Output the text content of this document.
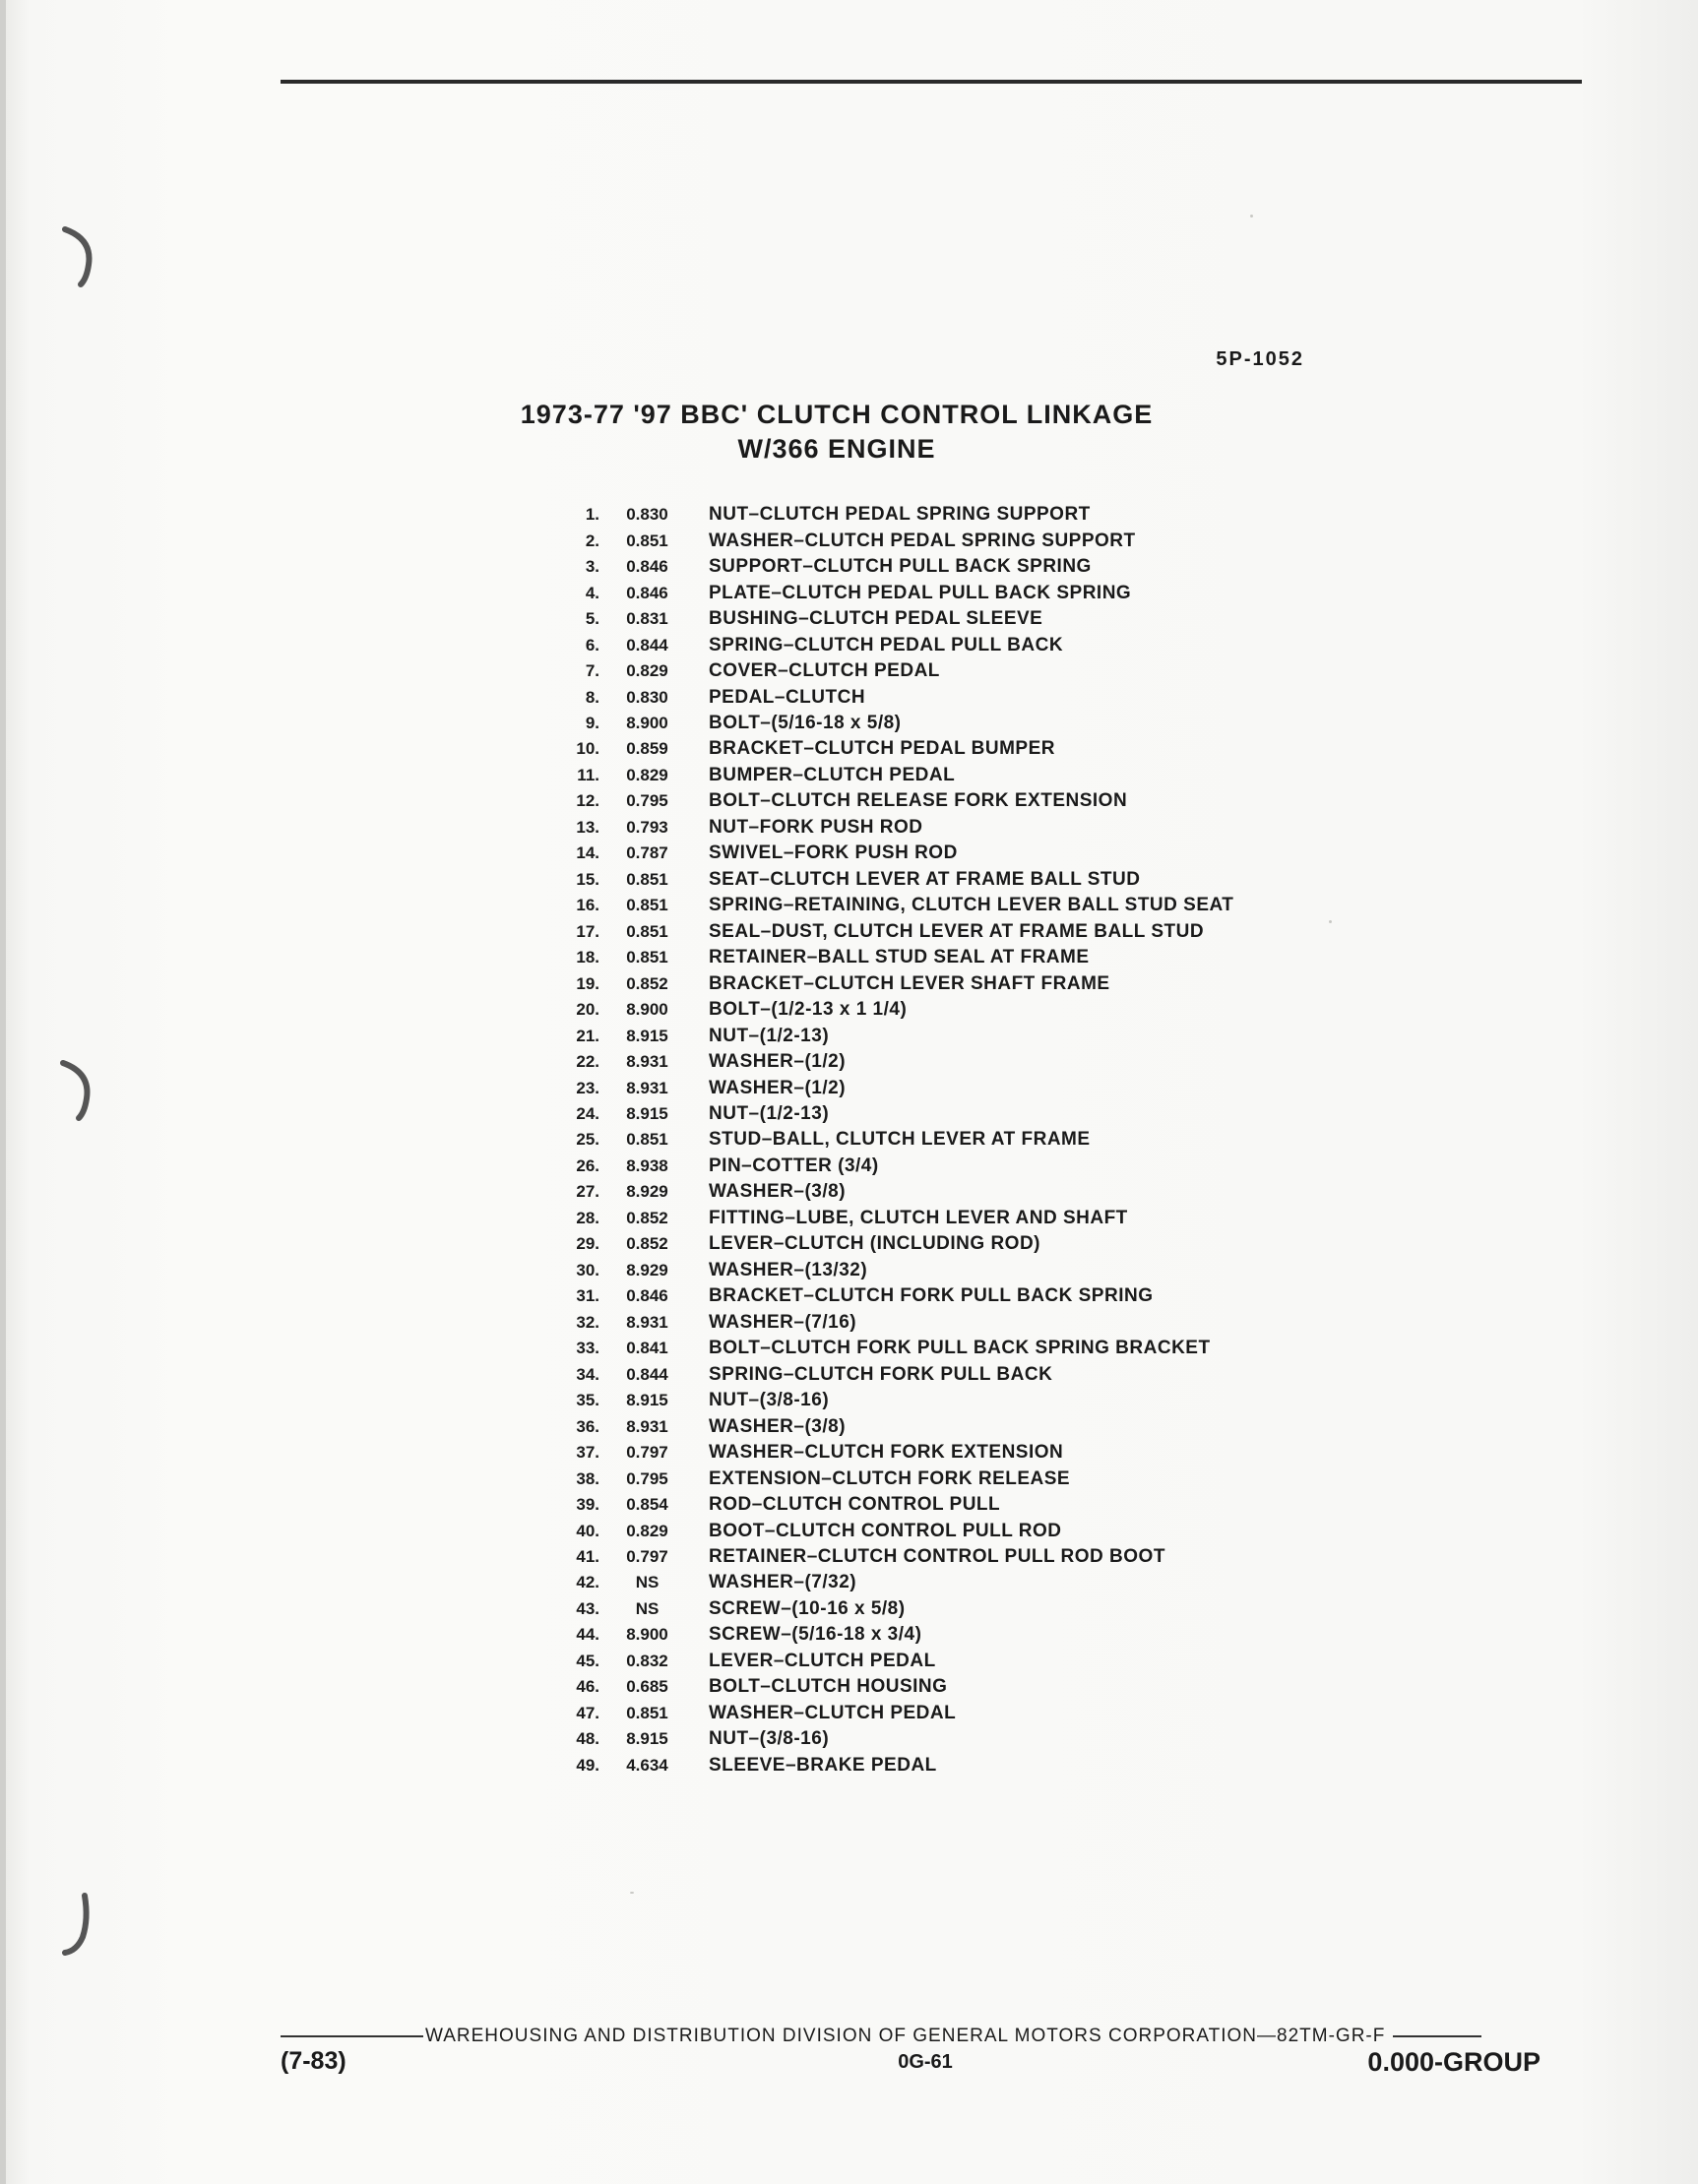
5P-1052
1973-77 '97 BBC' CLUTCH CONTROL LINKAGE
W/366 ENGINE
1.	0.830	NUT–CLUTCH PEDAL SPRING SUPPORT
2.	0.851	WASHER–CLUTCH PEDAL SPRING SUPPORT
3.	0.846	SUPPORT–CLUTCH PULL BACK SPRING
4.	0.846	PLATE–CLUTCH PEDAL PULL BACK SPRING
5.	0.831	BUSHING–CLUTCH PEDAL SLEEVE
6.	0.844	SPRING–CLUTCH PEDAL PULL BACK
7.	0.829	COVER–CLUTCH PEDAL
8.	0.830	PEDAL–CLUTCH
9.	8.900	BOLT–(5/16-18 x 5/8)
10.	0.859	BRACKET–CLUTCH PEDAL BUMPER
11.	0.829	BUMPER–CLUTCH PEDAL
12.	0.795	BOLT–CLUTCH RELEASE FORK EXTENSION
13.	0.793	NUT–FORK PUSH ROD
14.	0.787	SWIVEL–FORK PUSH ROD
15.	0.851	SEAT–CLUTCH LEVER AT FRAME BALL STUD
16.	0.851	SPRING–RETAINING, CLUTCH LEVER BALL STUD SEAT
17.	0.851	SEAL–DUST, CLUTCH LEVER AT FRAME BALL STUD
18.	0.851	RETAINER–BALL STUD SEAL AT FRAME
19.	0.852	BRACKET–CLUTCH LEVER SHAFT FRAME
20.	8.900	BOLT–(1/2-13 x 1 1/4)
21.	8.915	NUT–(1/2-13)
22.	8.931	WASHER–(1/2)
23.	8.931	WASHER–(1/2)
24.	8.915	NUT–(1/2-13)
25.	0.851	STUD–BALL, CLUTCH LEVER AT FRAME
26.	8.938	PIN–COTTER (3/4)
27.	8.929	WASHER–(3/8)
28.	0.852	FITTING–LUBE, CLUTCH LEVER AND SHAFT
29.	0.852	LEVER–CLUTCH (INCLUDING ROD)
30.	8.929	WASHER–(13/32)
31.	0.846	BRACKET–CLUTCH FORK PULL BACK SPRING
32.	8.931	WASHER–(7/16)
33.	0.841	BOLT–CLUTCH FORK PULL BACK SPRING BRACKET
34.	0.844	SPRING–CLUTCH FORK PULL BACK
35.	8.915	NUT–(3/8-16)
36.	8.931	WASHER–(3/8)
37.	0.797	WASHER–CLUTCH FORK EXTENSION
38.	0.795	EXTENSION–CLUTCH FORK RELEASE
39.	0.854	ROD–CLUTCH CONTROL PULL
40.	0.829	BOOT–CLUTCH CONTROL PULL ROD
41.	0.797	RETAINER–CLUTCH CONTROL PULL ROD BOOT
42.	NS	WASHER–(7/32)
43.	NS	SCREW–(10-16 x 5/8)
44.	8.900	SCREW–(5/16-18 x 3/4)
45.	0.832	LEVER–CLUTCH PEDAL
46.	0.685	BOLT–CLUTCH HOUSING
47.	0.851	WASHER–CLUTCH PEDAL
48.	8.915	NUT–(3/8-16)
49.	4.634	SLEEVE–BRAKE PEDAL
WAREHOUSING AND DISTRIBUTION DIVISION OF GENERAL MOTORS CORPORATION—82TM-GR-F
(7-83)	0G-61	0.000-GROUP
